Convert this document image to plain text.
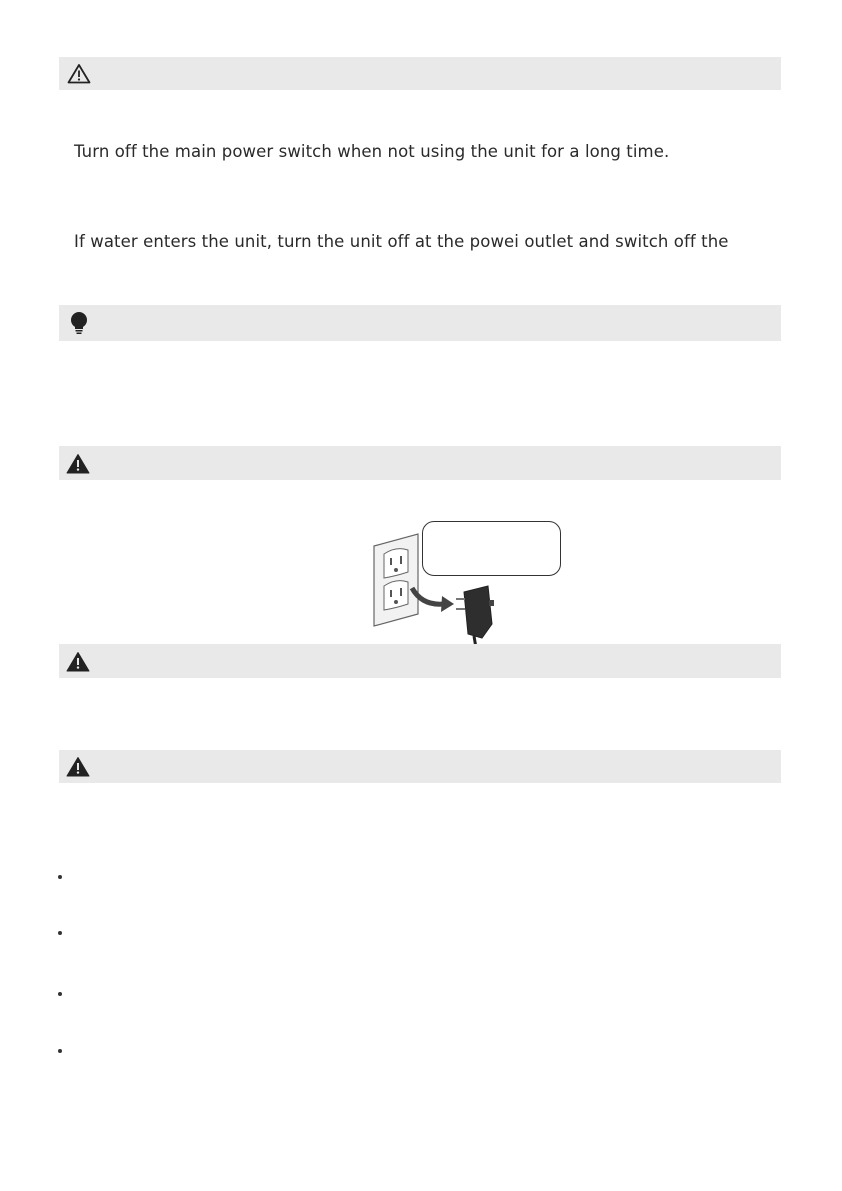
Turn off the main power switch when not using the unit for a long time.
If water enters the unit, turn the unit off at the powei outlet and switch off the
